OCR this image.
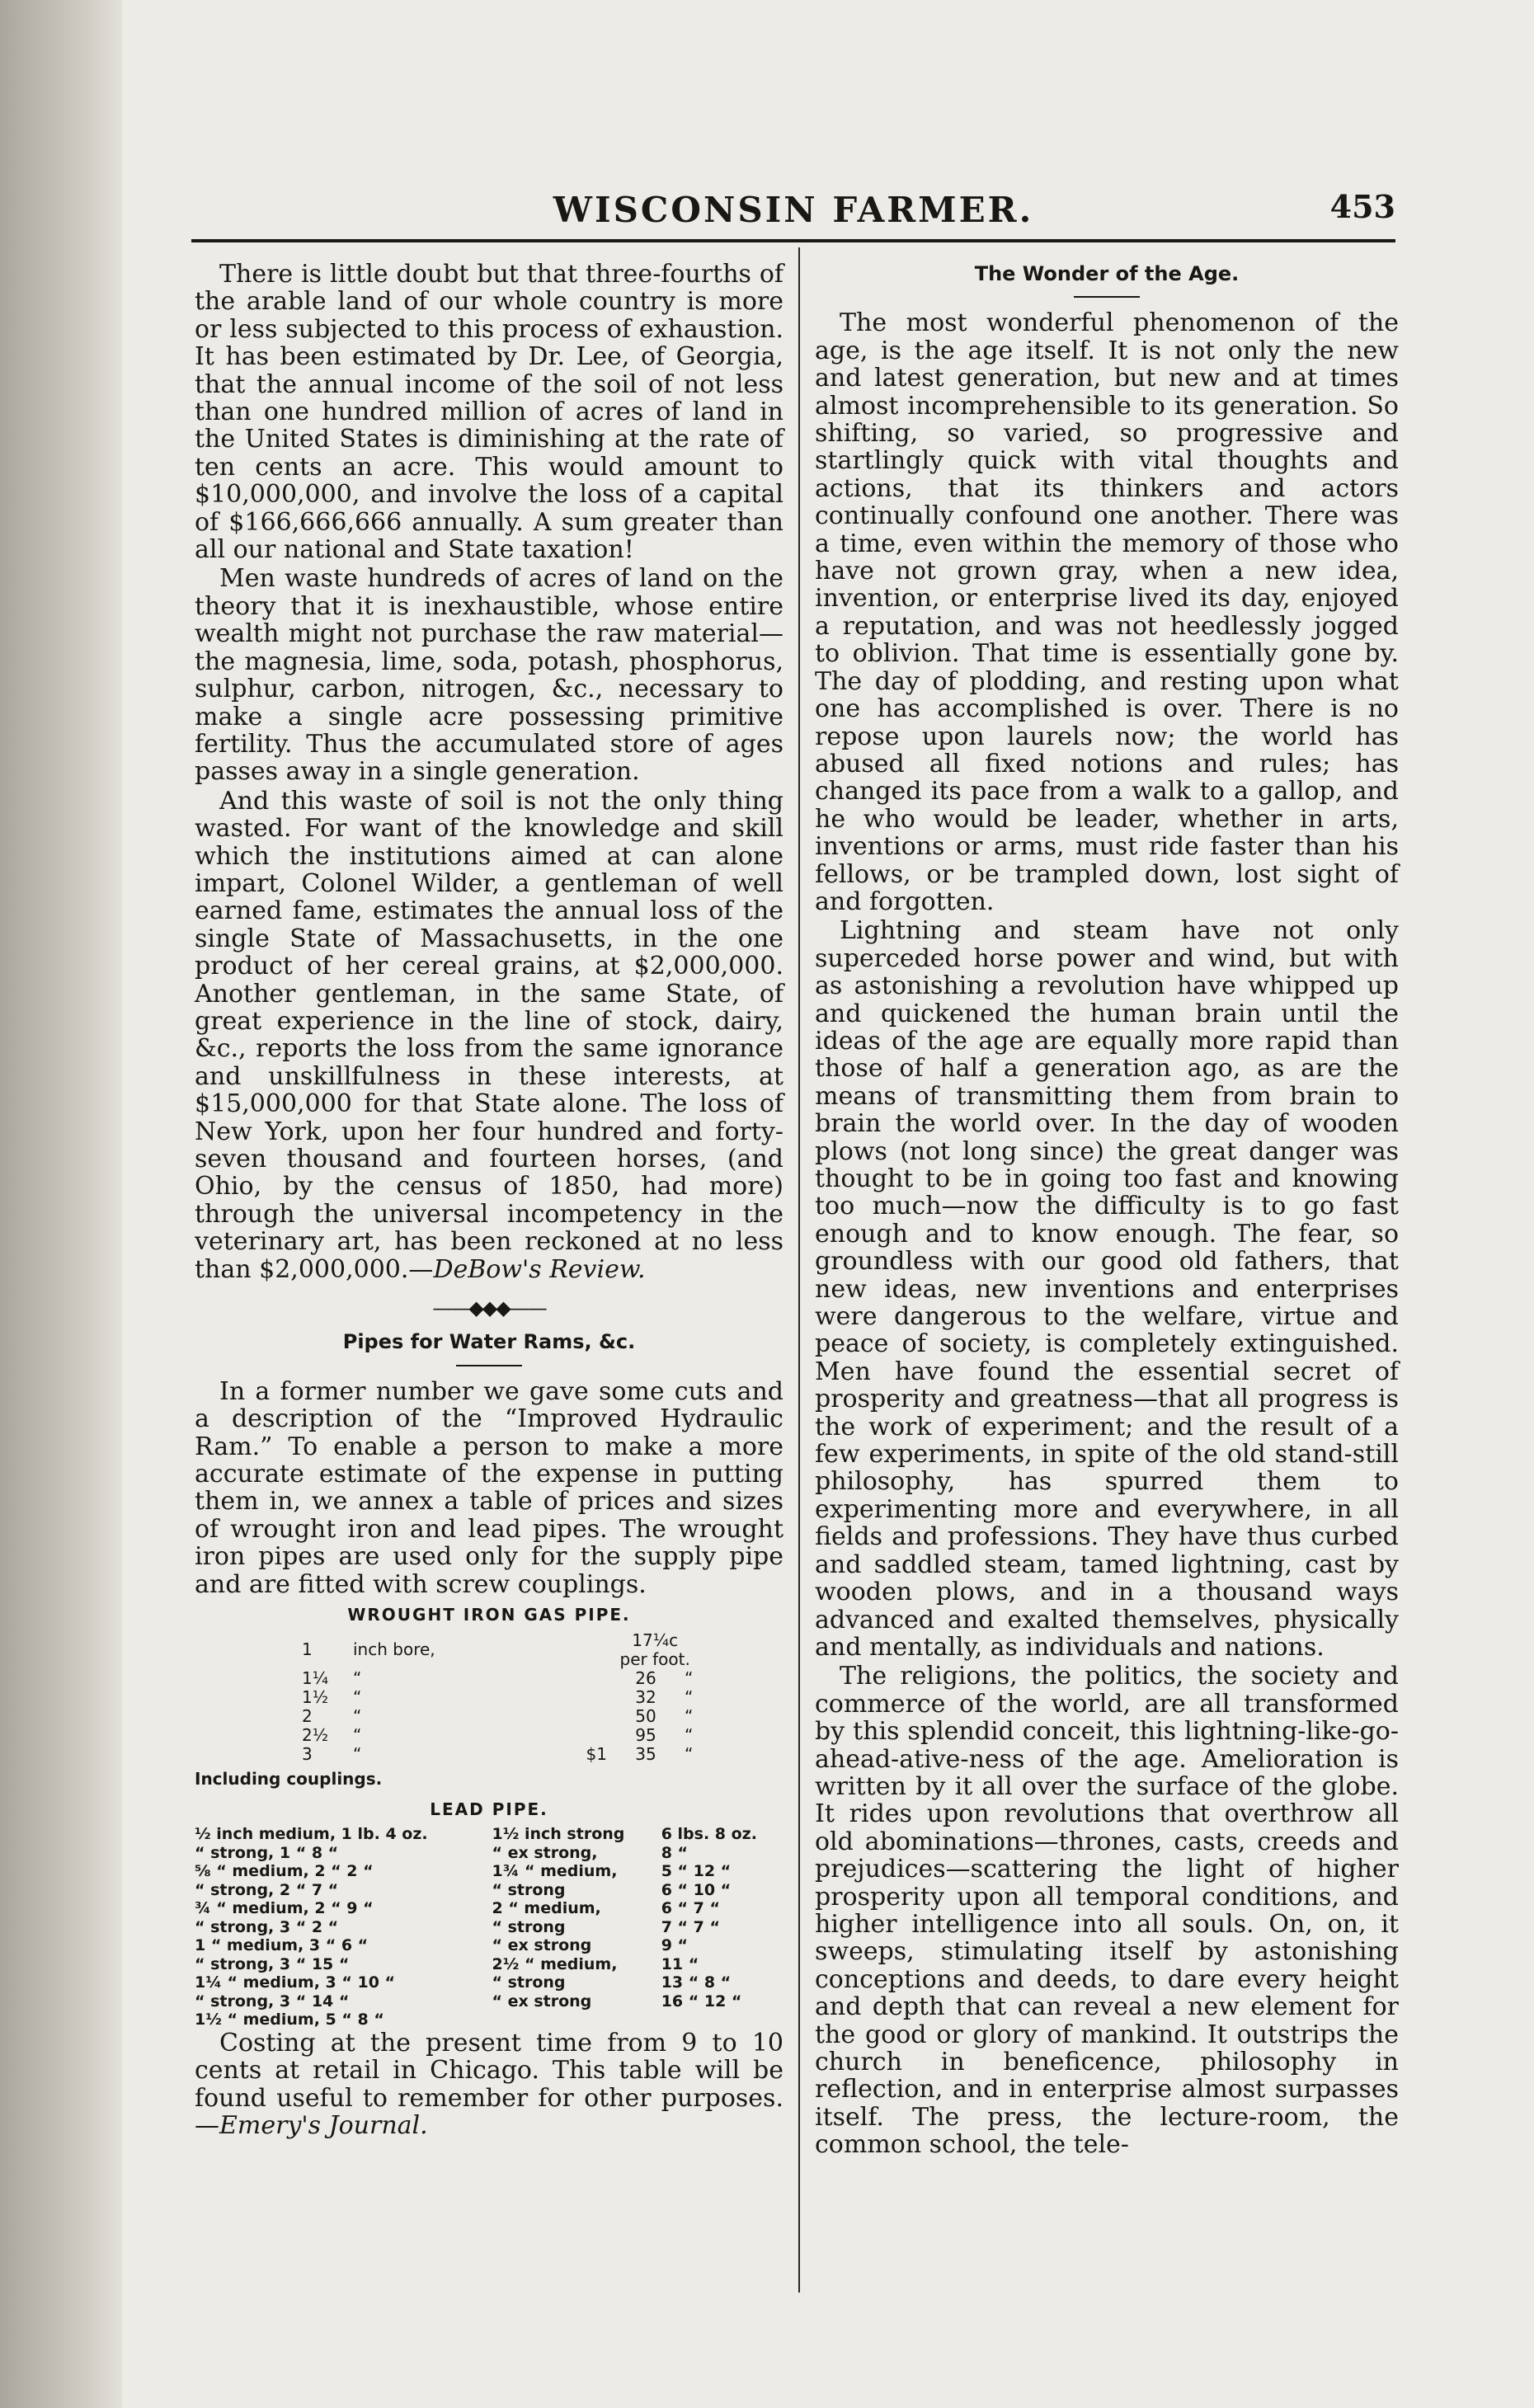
WISCONSIN FARMER.	453

There is little doubt but that three-fourths of the arable land of our whole country is more or less subjected to this process of exhaustion. It has been estimated by Dr. Lee, of Georgia, that the annual income of the soil of not less than one hundred million of acres of land in the United States is diminishing at the rate of ten cents an acre. This would amount to $10,000,000, and involve the loss of a capital of $166,666,666 annually. A sum greater than all our national and State taxation!

Men waste hundreds of acres of land on the theory that it is inexhaustible, whose entire wealth might not purchase the raw material—the magnesia, lime, soda, potash, phosphorus, sulphur, carbon, nitrogen, &c., necessary to make a single acre possessing primitive fertility. Thus the accumulated store of ages passes away in a single generation.

And this waste of soil is not the only thing wasted. For want of the knowledge and skill which the institutions aimed at can alone impart, Colonel Wilder, a gentleman of well earned fame, estimates the annual loss of the single State of Massachusetts, in the one product of her cereal grains, at $2,000,000. Another gentleman, in the same State, of great experience in the line of stock, dairy, &c., reports the loss from the same ignorance and unskillfulness in these interests, at $15,000,000 for that State alone. The loss of New York, upon her four hundred and forty-seven thousand and fourteen horses, (and Ohio, by the census of 1850, had more) through the universal incompetency in the veterinary art, has been reckoned at no less than $2,000,000.—DeBow's Review.

——◆◆◆——
Pipes for Water Rams, &c.

In a former number we gave some cuts and a description of the “Improved Hydraulic Ram.” To enable a person to make a more accurate estimate of the expense in putting them in, we annex a table of prices and sizes of wrought iron and lead pipes. The wrought iron pipes are used only for the supply pipe and are fitted with screw couplings.

WROUGHT IRON GAS PIPE.
1	inch bore,		17¼c per foot.	
1¼	“		26	“
1½	“		32	“
2	“		50	“
2½	“		95	“
3	“	$1	35	“
Including couplings.
LEAD PIPE.
½ inch medium, 1 lb. 4 oz.	1½ inch strong	6 lbs. 8 oz.
“ strong, 1 “ 8 “	“ ex strong,	8 “
⅝ “ medium, 2 “ 2 “	1¾ “ medium,	5 “ 12 “
“ strong, 2 “ 7 “	“ strong	6 “ 10 “
¾ “ medium, 2 “ 9 “	2 “ medium,	6 “ 7 “
“ strong, 3 “ 2 “	“ strong	7 “ 7 “
1 “ medium, 3 “ 6 “	“ ex strong	9 “
“ strong, 3 “ 15 “	2½ “ medium,	11 “
1¼ “ medium, 3 “ 10 “	“ strong	13 “ 8 “
“ strong, 3 “ 14 “	“ ex strong	16 “ 12 “
1½ “ medium, 5 “ 8 “		

Costing at the present time from 9 to 10 cents at retail in Chicago. This table will be found useful to remember for other purposes.—Emery's Journal.

The Wonder of the Age.

The most wonderful phenomenon of the age, is the age itself. It is not only the new and latest generation, but new and at times almost incomprehensible to its generation. So shifting, so varied, so progressive and startlingly quick with vital thoughts and actions, that its thinkers and actors continually confound one another. There was a time, even within the memory of those who have not grown gray, when a new idea, invention, or enterprise lived its day, enjoyed a reputation, and was not heedlessly jogged to oblivion. That time is essentially gone by. The day of plodding, and resting upon what one has accomplished is over. There is no repose upon laurels now; the world has abused all fixed notions and rules; has changed its pace from a walk to a gallop, and he who would be leader, whether in arts, inventions or arms, must ride faster than his fellows, or be trampled down, lost sight of and forgotten.

Lightning and steam have not only superceded horse power and wind, but with as astonishing a revolution have whipped up and quickened the human brain until the ideas of the age are equally more rapid than those of half a generation ago, as are the means of transmitting them from brain to brain the world over. In the day of wooden plows (not long since) the great danger was thought to be in going too fast and knowing too much—now the difficulty is to go fast enough and to know enough. The fear, so groundless with our good old fathers, that new ideas, new inventions and enterprises were dangerous to the welfare, virtue and peace of society, is completely extinguished. Men have found the essential secret of prosperity and greatness—that all progress is the work of experiment; and the result of a few experiments, in spite of the old stand-still philosophy, has spurred them to experimenting more and everywhere, in all fields and professions. They have thus curbed and saddled steam, tamed lightning, cast by wooden plows, and in a thousand ways advanced and exalted themselves, physically and mentally, as individuals and nations.

The religions, the politics, the society and commerce of the world, are all transformed by this splendid conceit, this lightning-like-go-ahead-ative-ness of the age. Amelioration is written by it all over the surface of the globe. It rides upon revolutions that overthrow all old abominations—thrones, casts, creeds and prejudices—scattering the light of higher prosperity upon all temporal conditions, and higher intelligence into all souls. On, on, it sweeps, stimulating itself by astonishing conceptions and deeds, to dare every height and depth that can reveal a new element for the good or glory of mankind. It outstrips the church in beneficence, philosophy in reflection, and in enterprise almost surpasses itself. The press, the lecture-room, the common school, the tele-
